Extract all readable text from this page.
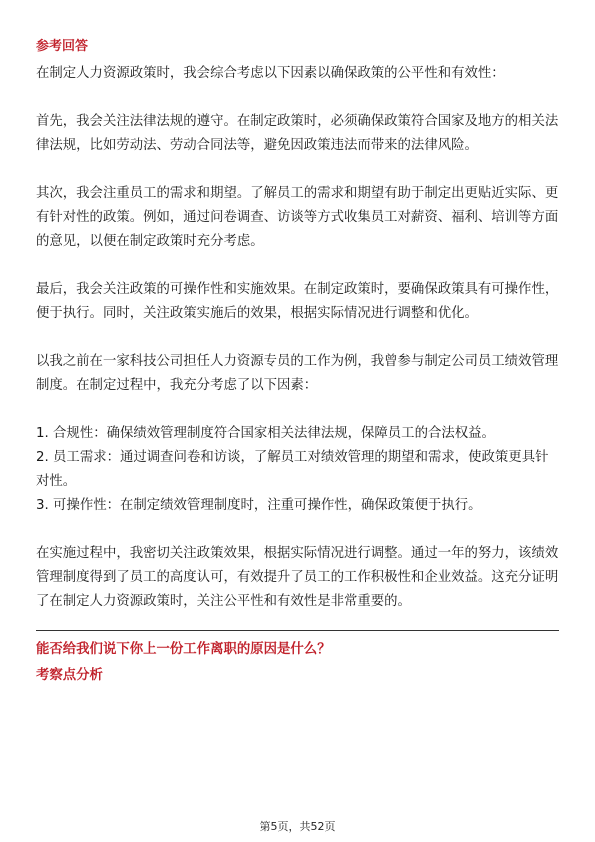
参考回答

在制定人力资源政策时，我会综合考虑以下因素以确保政策的公平性和有效性：

首先，我会关注法律法规的遵守。在制定政策时，必须确保政策符合国家及地方的相关法律法规，比如劳动法、劳动合同法等，避免因政策违法而带来的法律风险。

其次，我会注重员工的需求和期望。了解员工的需求和期望有助于制定出更贴近实际、更有针对性的政策。例如，通过问卷调查、访谈等方式收集员工对薪资、福利、培训等方面的意见，以便在制定政策时充分考虑。

最后，我会关注政策的可操作性和实施效果。在制定政策时，要确保政策具有可操作性，便于执行。同时，关注政策实施后的效果，根据实际情况进行调整和优化。

以我之前在一家科技公司担任人力资源专员的工作为例，我曾参与制定公司员工绩效管理制度。在制定过程中，我充分考虑了以下因素：

1. 合规性：确保绩效管理制度符合国家相关法律法规，保障员工的合法权益。

2. 员工需求：通过调查问卷和访谈，了解员工对绩效管理的期望和需求，使政策更具针对性。

3. 可操作性：在制定绩效管理制度时，注重可操作性，确保政策便于执行。

在实施过程中，我密切关注政策效果，根据实际情况进行调整。通过一年的努力，该绩效管理制度得到了员工的高度认可，有效提升了员工的工作积极性和企业效益。这充分证明了在制定人力资源政策时，关注公平性和有效性是非常重要的。

能否给我们说下你上一份工作离职的原因是什么？
考察点分析
第5页，共52页
